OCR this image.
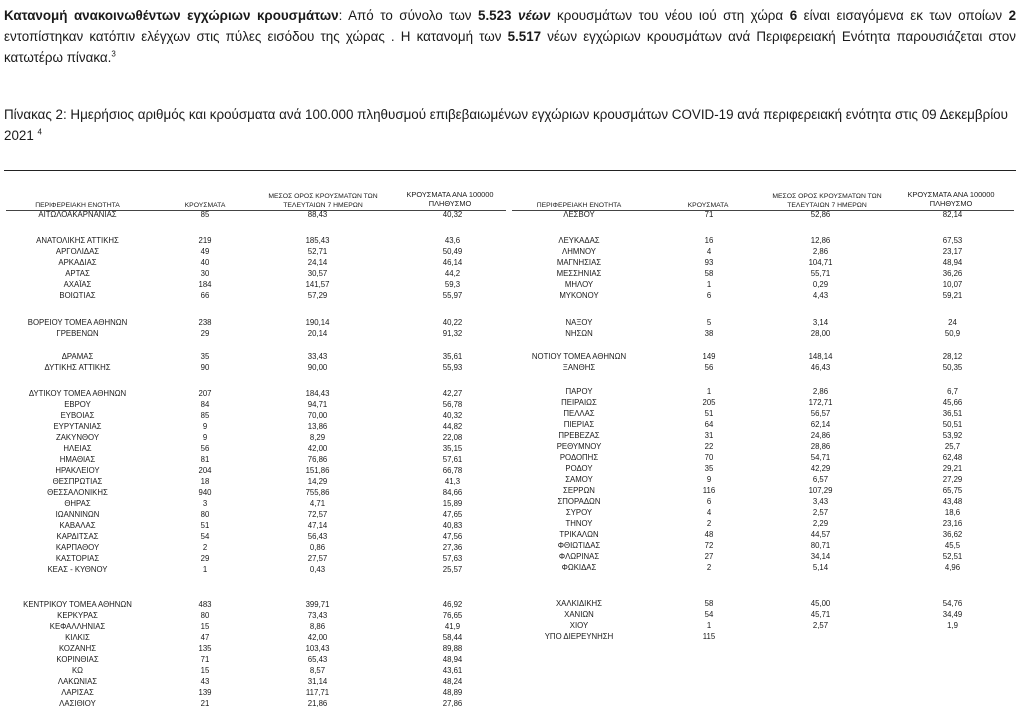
Κατανομή ανακοινωθέντων εγχώριων κρουσμάτων: Από το σύνολο των 5.523 νέων κρουσμάτων του νέου ιού στη χώρα 6 είναι εισαγόμενα εκ των οποίων 2 εντοπίστηκαν κατόπιν ελέγχων στις πύλες εισόδου της χώρας . Η κατανομή των 5.517 νέων εγχώριων κρουσμάτων ανά Περιφερειακή Ενότητα παρουσιάζεται στον κατωτέρω πίνακα.$^3$
Πίνακας 2: Ημερήσιος αριθμός και κρούσματα ανά 100.000 πληθυσμού επιβεβαιωμένων εγχώριων κρουσμάτων COVID-19 ανά περιφερειακή ενότητα στις 09 Δεκεμβρίου 2021 $^4$
ΠΕΡΙΦΕΡΕΙΑΚΗ ΕΝΟΤΗΤΑ	ΚΡΟΥΣΜΑΤΑ
ΜΕΣΟΣ ΟΡΟΣ ΚΡΟΥΣΜΑΤΩΝ ΤΩΝ
ΤΕΛΕΥΤΑΙΩΝ 7 ΗΜΕΡΩΝ
ΚΡΟΥΣΜΑΤΑ ΑΝΑ 100000
ΠΛΗΘΥΣΜΟ	ΠΕΡΙΦΕΡΕΙΑΚΗ ΕΝΟΤΗΤΑ	ΚΡΟΥΣΜΑΤΑ
ΜΕΣΟΣ ΟΡΟΣ ΚΡΟΥΣΜΑΤΩΝ ΤΩΝ
ΤΕΛΕΥΤΑΙΩΝ 7 ΗΜΕΡΩΝ
ΚΡΟΥΣΜΑΤΑ ΑΝΑ 100000
ΠΛΗΘΥΣΜΟ
ΑΙΤΩΛΟΑΚΑΡΝΑΝΙΑΣ	85	88,43	40,32
ΑΝΑΤΟΛΙΚΗΣ ΑΤΤΙΚΗΣ	219	185,43	43,6
ΑΡΓΟΛΙΔΑΣ	49	52,71	50,49
ΑΡΚΑΔΙΑΣ	40	24,14	46,14
ΑΡΤΑΣ	30	30,57	44,2
ΑΧΑΪΑΣ	184	141,57	59,3
ΒΟΙΩΤΙΑΣ	66	57,29	55,97
ΒΟΡΕΙΟΥ ΤΟΜΕΑ ΑΘΗΝΩΝ	238	190,14	40,22
ΓΡΕΒΕΝΩΝ	29	20,14	91,32
ΔΡΑΜΑΣ	35	33,43	35,61
ΔΥΤΙΚΗΣ ΑΤΤΙΚΗΣ	90	90,00	55,93
ΔΥΤΙΚΟΥ ΤΟΜΕΑ ΑΘΗΝΩΝ	207	184,43	42,27
ΕΒΡΟΥ	84	94,71	56,78
ΕΥΒΟΙΑΣ	85	70,00	40,32
ΕΥΡΥΤΑΝΙΑΣ	9	13,86	44,82
ΖΑΚΥΝΘΟΥ	9	8,29	22,08
ΗΛΕΙΑΣ	56	42,00	35,15
ΗΜΑΘΙΑΣ	81	76,86	57,61
ΗΡΑΚΛΕΙΟΥ	204	151,86	66,78
ΘΕΣΠΡΩΤΙΑΣ	18	14,29	41,3
ΘΕΣΣΑΛΟΝΙΚΗΣ	940	755,86	84,66
ΘΗΡΑΣ	3	4,71	15,89
ΙΩΑΝΝΙΝΩΝ	80	72,57	47,65
ΚΑΒΑΛΑΣ	51	47,14	40,83
ΚΑΡΔΙΤΣΑΣ	54	56,43	47,56
ΚΑΡΠΑΘΟΥ	2	0,86	27,36
ΚΑΣΤΟΡΙΑΣ	29	27,57	57,63
ΚΕΑΣ - ΚΥΘΝΟΥ	1	0,43	25,57
ΚΕΝΤΡΙΚΟΥ ΤΟΜΕΑ ΑΘΗΝΩΝ	483	399,71	46,92
ΚΕΡΚΥΡΑΣ	80	73,43	76,65
ΚΕΦΑΛΛΗΝΙΑΣ	15	8,86	41,9
ΚΙΛΚΙΣ	47	42,00	58,44
ΚΟΖΑΝΗΣ	135	103,43	89,88
ΚΟΡΙΝΘΙΑΣ	71	65,43	48,94
ΚΩ	15	8,57	43,61
ΛΑΚΩΝΙΑΣ	43	31,14	48,24
ΛΑΡΙΣΑΣ	139	117,71	48,89
ΛΑΣΙΘΙΟΥ	21	21,86	27,86
ΛΕΣΒΟΥ	71	52,86	82,14
ΛΕΥΚΑΔΑΣ	16	12,86	67,53
ΛΗΜΝΟΥ	4	2,86	23,17
ΜΑΓΝΗΣΙΑΣ	93	104,71	48,94
ΜΕΣΣΗΝΙΑΣ	58	55,71	36,26
ΜΗΛΟΥ	1	0,29	10,07
ΜΥΚΟΝΟΥ	6	4,43	59,21
ΝΑΞΟΥ	5	3,14	24
ΝΗΣΩΝ	38	28,00	50,9
ΝΟΤΙΟΥ ΤΟΜΕΑ ΑΘΗΝΩΝ	149	148,14	28,12
ΞΑΝΘΗΣ	56	46,43	50,35
ΠΑΡΟΥ	1	2,86	6,7
ΠΕΙΡΑΙΩΣ	205	172,71	45,66
ΠΕΛΛΑΣ	51	56,57	36,51
ΠΙΕΡΙΑΣ	64	62,14	50,51
ΠΡΕΒΕΖΑΣ	31	24,86	53,92
ΡΕΘΥΜΝΟΥ	22	28,86	25,7
ΡΟΔΟΠΗΣ	70	54,71	62,48
ΡΟΔΟΥ	35	42,29	29,21
ΣΑΜΟΥ	9	6,57	27,29
ΣΕΡΡΩΝ	116	107,29	65,75
ΣΠΟΡΑΔΩΝ	6	3,43	43,48
ΣΥΡΟΥ	4	2,57	18,6
ΤΗΝΟΥ	2	2,29	23,16
ΤΡΙΚΑΛΩΝ	48	44,57	36,62
ΦΘΙΩΤΙΔΑΣ	72	80,71	45,5
ΦΛΩΡΙΝΑΣ	27	34,14	52,51
ΦΩΚΙΔΑΣ	2	5,14	4,96
ΧΑΛΚΙΔΙΚΗΣ	58	45,00	54,76
ΧΑΝΙΩΝ	54	45,71	34,49
ΧΙΟΥ	1	2,57	1,9
ΥΠΟ ΔΙΕΡΕΥΝΗΣΗ	115
